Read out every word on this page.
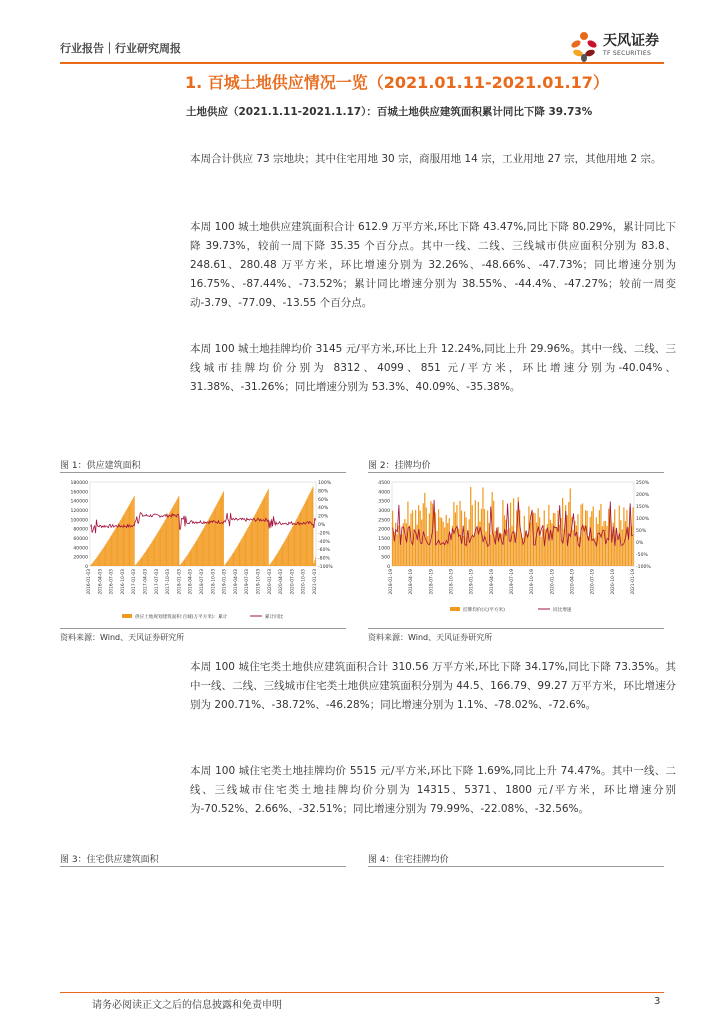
行业报告｜行业研究周报	天风证券
TF SECURITIES
1. 百城土地供应情况一览（2021.01.11-2021.01.17）
土地供应（2021.1.11-2021.1.17）：百城土地供应建筑面积累计同比下降 39.73%
本周合计供应 73 宗地块；其中住宅用地 30 宗，商服用地 14 宗，工业用地 27 宗，其他用地 2 宗。
本周 100 城土地供应建筑面积合计 612.9 万平方米,环比下降 43.47%,同比下降 80.29%，累计同比下降 39.73%，较前一周下降 35.35 个百分点。其中一线、二线、三线城市供应面积分别为 83.8、248.61、280.48 万平方米，环比增速分别为 32.26%、-48.66%、-47.73%；同比增速分别为 16.75%、-87.44%、-73.52%；累计同比增速分别为 38.55%、-44.4%、-47.27%；较前一周变动-3.79、-77.09、-13.55 个百分点。
本周 100 城土地挂牌均价 3145 元/平方米,环比上升 12.24%,同比上升 29.96%。其中一线、二线、三线城市挂牌均价分别为 8312、4099、851 元/平方米，环比增速分别为-40.04%、31.38%、-31.26%；同比增速分别为 53.3%、40.09%、-35.38%。
图 1：供应建筑面积
0
20000
40000
60000
80000
100000
120000
140000
160000
180000
-100%
-80%
-60%
-40%
-20%
0%
20%
40%
60%
80%
100%
2016-01-03 2016-04-03 2016-07-03 2016-10-03 2017-01-03 2017-04-03 2017-07-03 2017-10-03 2018-01-03 2018-04-03 2018-07-03 2018-10-03 2019-01-03 2019-04-03 2019-07-03 2019-10-03 2020-01-03 2020-04-03 2020-07-03 2020-10-03 2021-01-03
供应土地规划建筑面积:百城(万平方米)：累计	累计同比
资料来源：Wind、天风证券研究所
图 2：挂牌均价
0
500
1000
1500
2000
2500
3000
3500
4000
4500
-100%
-50%
0%
50%
100%
150%
200%
250%
2018-01-19	2018-04-19	2018-07-19	2018-10-19	2019-01-19	2019-04-19	2019-07-19	2019-10-19	2020-01-19	2020-04-19	2020-07-19	2020-10-19	2021-01-19
挂牌均价(元/平方米)	同比增速
资料来源：Wind、天风证券研究所
本周 100 城住宅类土地供应建筑面积合计 310.56 万平方米,环比下降 34.17%,同比下降 73.35%。其中一线、二线、三线城市住宅类土地供应建筑面积分别为 44.5、166.79、99.27 万平方米，环比增速分别为 200.71%、-38.72%、-46.28%；同比增速分别为 1.1%、-78.02%、-72.6%。
本周 100 城住宅类土地挂牌均价 5515 元/平方米,环比下降 1.69%,同比上升 74.47%。其中一线、二线、三线城市住宅类土地挂牌均价分别为 14315、5371、1800 元/平方米，环比增速分别为-70.52%、2.66%、-32.51%；同比增速分别为 79.99%、-22.08%、-32.56%。
图 3：住宅供应建筑面积	图 4：住宅挂牌均价
请务必阅读正文之后的信息披露和免责申明	3
